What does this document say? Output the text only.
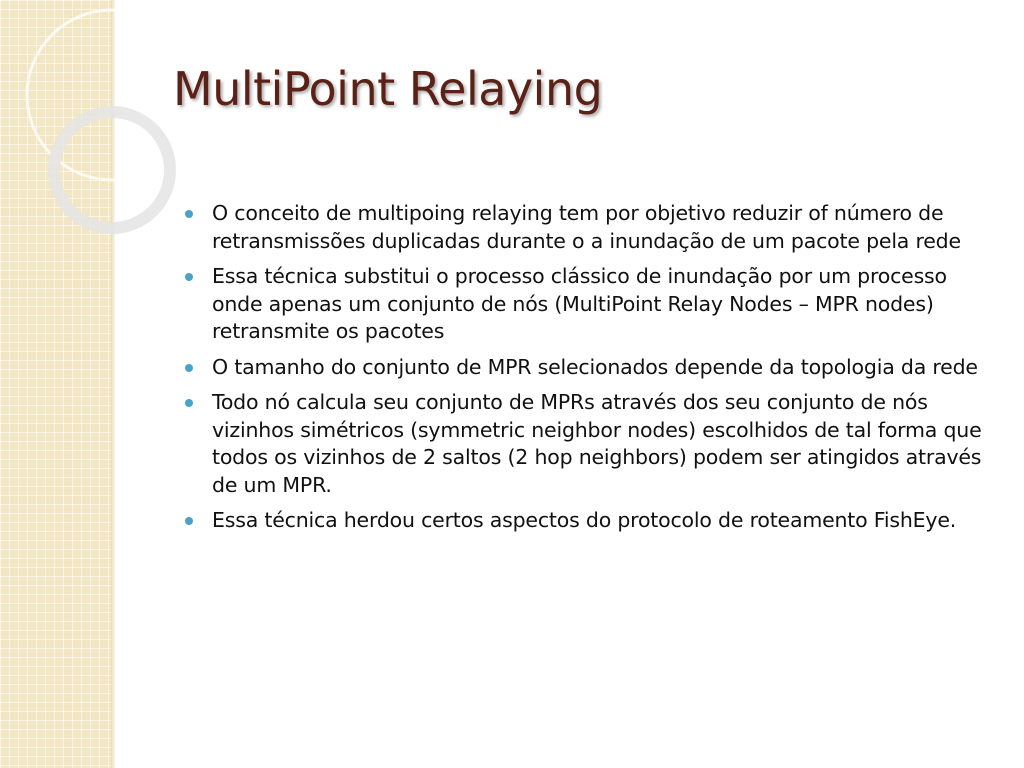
MultiPoint Relaying
O conceito de multipoing relaying tem por objetivo reduzir of número de retransmissões duplicadas durante o a inundação de um pacote pela rede
Essa técnica substitui o processo clássico de inundação por um processo onde apenas um conjunto de nós (MultiPoint Relay Nodes – MPR nodes) retransmite os pacotes
O tamanho do conjunto de MPR selecionados depende da topologia da rede
Todo nó calcula seu conjunto de MPRs através dos seu conjunto de nós vizinhos simétricos (symmetric neighbor nodes) escolhidos de tal forma que todos os vizinhos de 2 saltos (2 hop neighbors) podem ser atingidos através de um MPR.
Essa técnica herdou certos aspectos do protocolo de roteamento FishEye.
